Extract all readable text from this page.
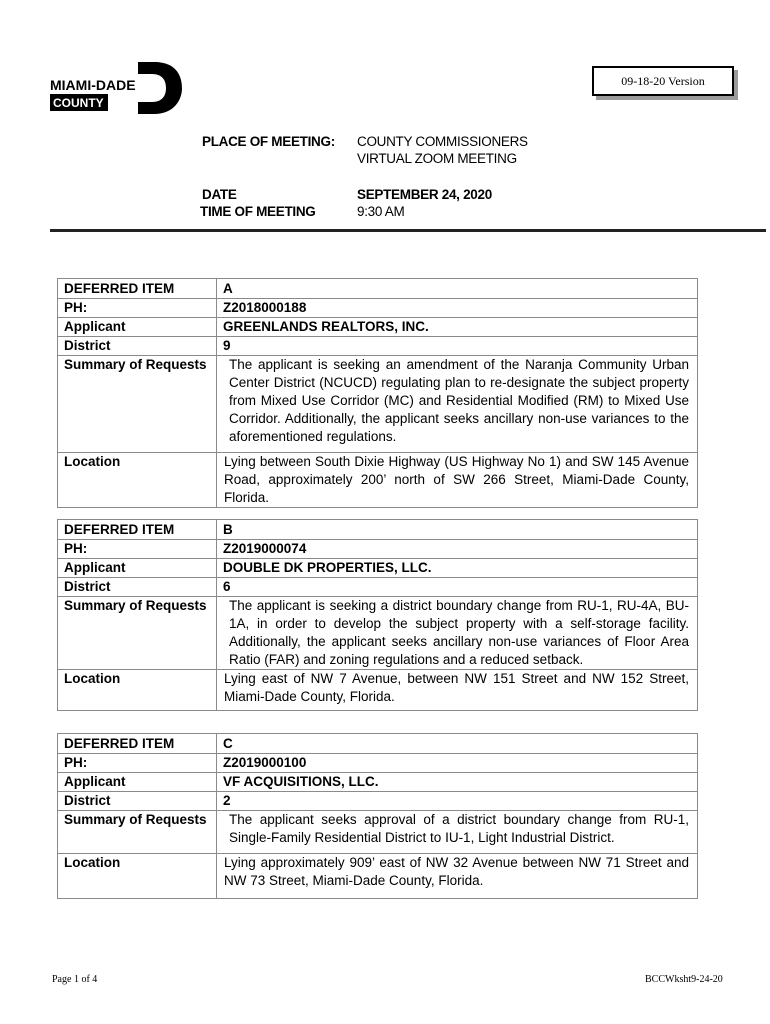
MIAMI-DADE
COUNTY
09-18-20 Version
PLACE OF MEETING: COUNTY COMMISSIONERS
VIRTUAL ZOOM MEETING
DATE	SEPTEMBER 24, 2020
TIME OF MEETING	9:30 AM
DEFERRED ITEM	A
PH:	Z2018000188
Applicant	GREENLANDS REALTORS, INC.
District	9
Summary of Requests	The applicant is seeking an amendment of the Naranja Community Urban Center District (NCUCD) regulating plan to re-designate the subject property from Mixed Use Corridor (MC) and Residential Modified (RM) to Mixed Use Corridor. Additionally, the applicant seeks ancillary non-use variances to the aforementioned regulations.
Location	Lying between South Dixie Highway (US Highway No 1) and SW 145 Avenue Road, approximately 200’ north of SW 266 Street, Miami-Dade County, Florida.
DEFERRED ITEM	B
PH:	Z2019000074
Applicant	DOUBLE DK PROPERTIES, LLC.
District	6
Summary of Requests	The applicant is seeking a district boundary change from RU-1, RU-4A, BU-1A, in order to develop the subject property with a self-storage facility. Additionally, the applicant seeks ancillary non-use variances of Floor Area Ratio (FAR) and zoning regulations and a reduced setback.
Location	Lying east of NW 7 Avenue, between NW 151 Street and NW 152 Street, Miami-Dade County, Florida.
DEFERRED ITEM	C
PH:	Z2019000100
Applicant	VF ACQUISITIONS, LLC.
District	2
Summary of Requests	The applicant seeks approval of a district boundary change from RU-1, Single-Family Residential District to IU-1, Light Industrial District.
Location	Lying approximately 909’ east of NW 32 Avenue between NW 71 Street and NW 73 Street, Miami-Dade County, Florida.
Page 1 of 4	BCCWksht9-24-20
